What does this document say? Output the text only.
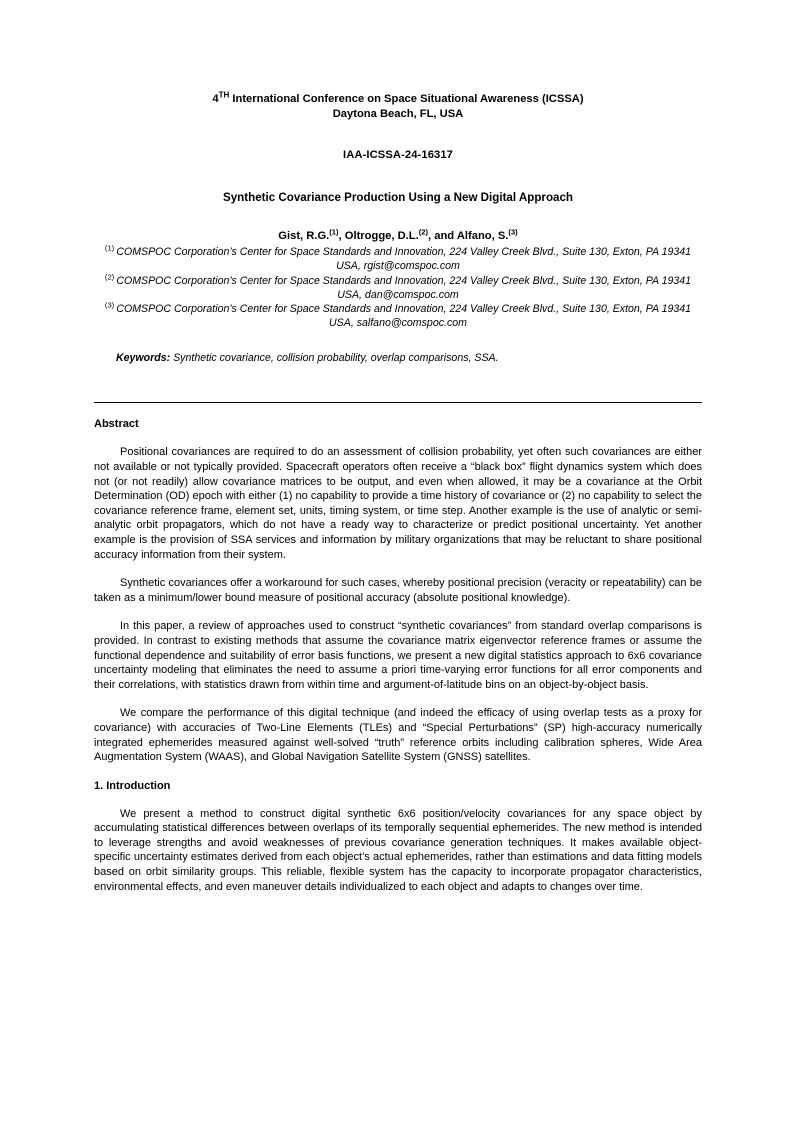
4TH International Conference on Space Situational Awareness (ICSSA)
Daytona Beach, FL, USA
IAA-ICSSA-24-16317
Synthetic Covariance Production Using a New Digital Approach
Gist, R.G.$^{(1)}$, Oltrogge, D.L.$^{(2)}$, and Alfano, S.$^{(3)}$
$^{(1)}$ COMSPOC Corporation’s Center for Space Standards and Innovation, 224 Valley Creek Blvd., Suite 130, Exton, PA 19341 USA, rgist@comspoc.com
$^{(2)}$ COMSPOC Corporation’s Center for Space Standards and Innovation, 224 Valley Creek Blvd., Suite 130, Exton, PA 19341 USA, dan@comspoc.com
$^{(3)}$ COMSPOC Corporation’s Center for Space Standards and Innovation, 224 Valley Creek Blvd., Suite 130, Exton, PA 19341 USA, salfano@comspoc.com
Keywords: Synthetic covariance, collision probability, overlap comparisons, SSA.
Abstract

Positional covariances are required to do an assessment of collision probability, yet often such covariances are either not available or not typically provided. Spacecraft operators often receive a “black box” flight dynamics system which does not (or not readily) allow covariance matrices to be output, and even when allowed, it may be a covariance at the Orbit Determination (OD) epoch with either (1) no capability to provide a time history of covariance or (2) no capability to select the covariance reference frame, element set, units, timing system, or time step. Another example is the use of analytic or semi-analytic orbit propagators, which do not have a ready way to characterize or predict positional uncertainty. Yet another example is the provision of SSA services and information by military organizations that may be reluctant to share positional accuracy information from their system.

Synthetic covariances offer a workaround for such cases, whereby positional precision (veracity or repeatability) can be taken as a minimum/lower bound measure of positional accuracy (absolute positional knowledge).

In this paper, a review of approaches used to construct “synthetic covariances” from standard overlap comparisons is provided. In contrast to existing methods that assume the covariance matrix eigenvector reference frames or assume the functional dependence and suitability of error basis functions, we present a new digital statistics approach to 6x6 covariance uncertainty modeling that eliminates the need to assume a priori time-varying error functions for all error components and their correlations, with statistics drawn from within time and argument-of-latitude bins on an object-by-object basis.

We compare the performance of this digital technique (and indeed the efficacy of using overlap tests as a proxy for covariance) with accuracies of Two-Line Elements (TLEs) and “Special Perturbations” (SP) high-accuracy numerically integrated ephemerides measured against well-solved “truth” reference orbits including calibration spheres, Wide Area Augmentation System (WAAS), and Global Navigation Satellite System (GNSS) satellites.

1. Introduction

We present a method to construct digital synthetic 6x6 position/velocity covariances for any space object by accumulating statistical differences between overlaps of its temporally sequential ephemerides. The new method is intended to leverage strengths and avoid weaknesses of previous covariance generation techniques. It makes available object-specific uncertainty estimates derived from each object’s actual ephemerides, rather than estimations and data fitting models based on orbit similarity groups. This reliable, flexible system has the capacity to incorporate propagator characteristics, environmental effects, and even maneuver details individualized to each object and adapts to changes over time.
